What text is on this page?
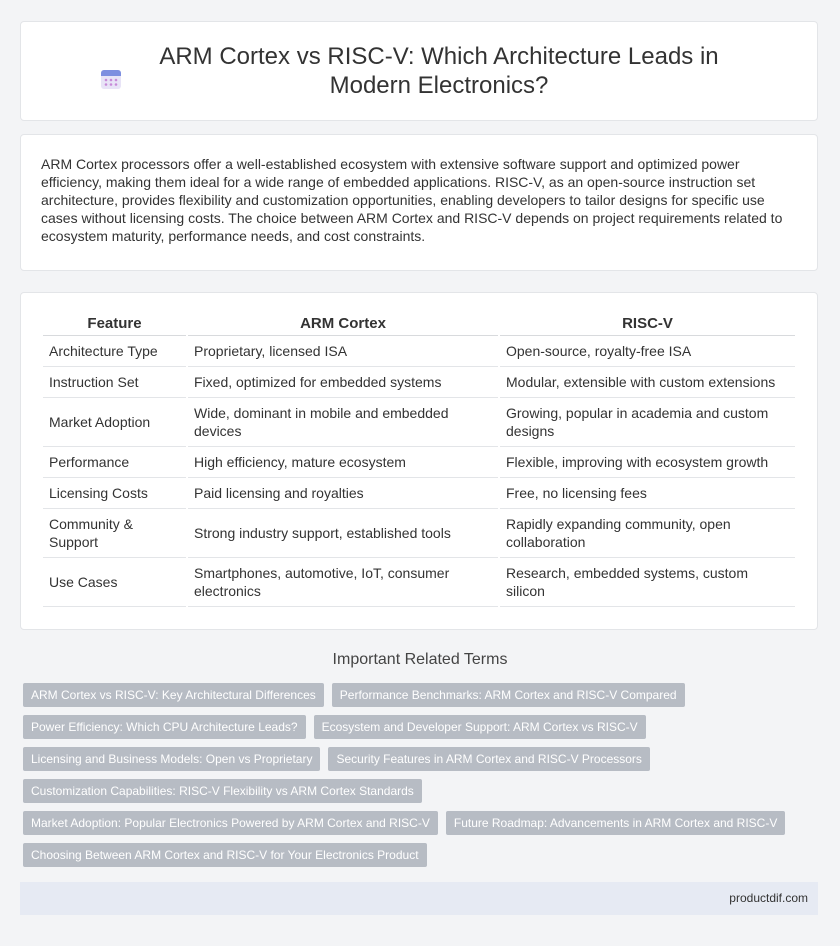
ARM Cortex vs RISC-V: Which Architecture Leads in Modern Electronics?

ARM Cortex processors offer a well-established ecosystem with extensive software support and optimized power efficiency, making them ideal for a wide range of embedded applications. RISC-V, as an open-source instruction set architecture, provides flexibility and customization opportunities, enabling developers to tailor designs for specific use cases without licensing costs. The choice between ARM Cortex and RISC-V depends on project requirements related to ecosystem maturity, performance needs, and cost constraints.

Feature	ARM Cortex	RISC-V
Architecture Type	Proprietary, licensed ISA	Open-source, royalty-free ISA
Instruction Set	Fixed, optimized for embedded systems	Modular, extensible with custom extensions
Market Adoption	Wide, dominant in mobile and embedded devices	Growing, popular in academia and custom designs
Performance	High efficiency, mature ecosystem	Flexible, improving with ecosystem growth
Licensing Costs	Paid licensing and royalties	Free, no licensing fees
Community & Support	Strong industry support, established tools	Rapidly expanding community, open collaboration
Use Cases	Smartphones, automotive, IoT, consumer electronics	Research, embedded systems, custom silicon
Important Related Terms
ARM Cortex vs RISC-V: Key Architectural Differences	Performance Benchmarks: ARM Cortex and RISC-V Compared
Power Efficiency: Which CPU Architecture Leads?	Ecosystem and Developer Support: ARM Cortex vs RISC-V
Licensing and Business Models: Open vs Proprietary	Security Features in ARM Cortex and RISC-V Processors
Customization Capabilities: RISC-V Flexibility vs ARM Cortex Standards
Market Adoption: Popular Electronics Powered by ARM Cortex and RISC-V	Future Roadmap: Advancements in ARM Cortex and RISC-V
Choosing Between ARM Cortex and RISC-V for Your Electronics Product
productdif.com
